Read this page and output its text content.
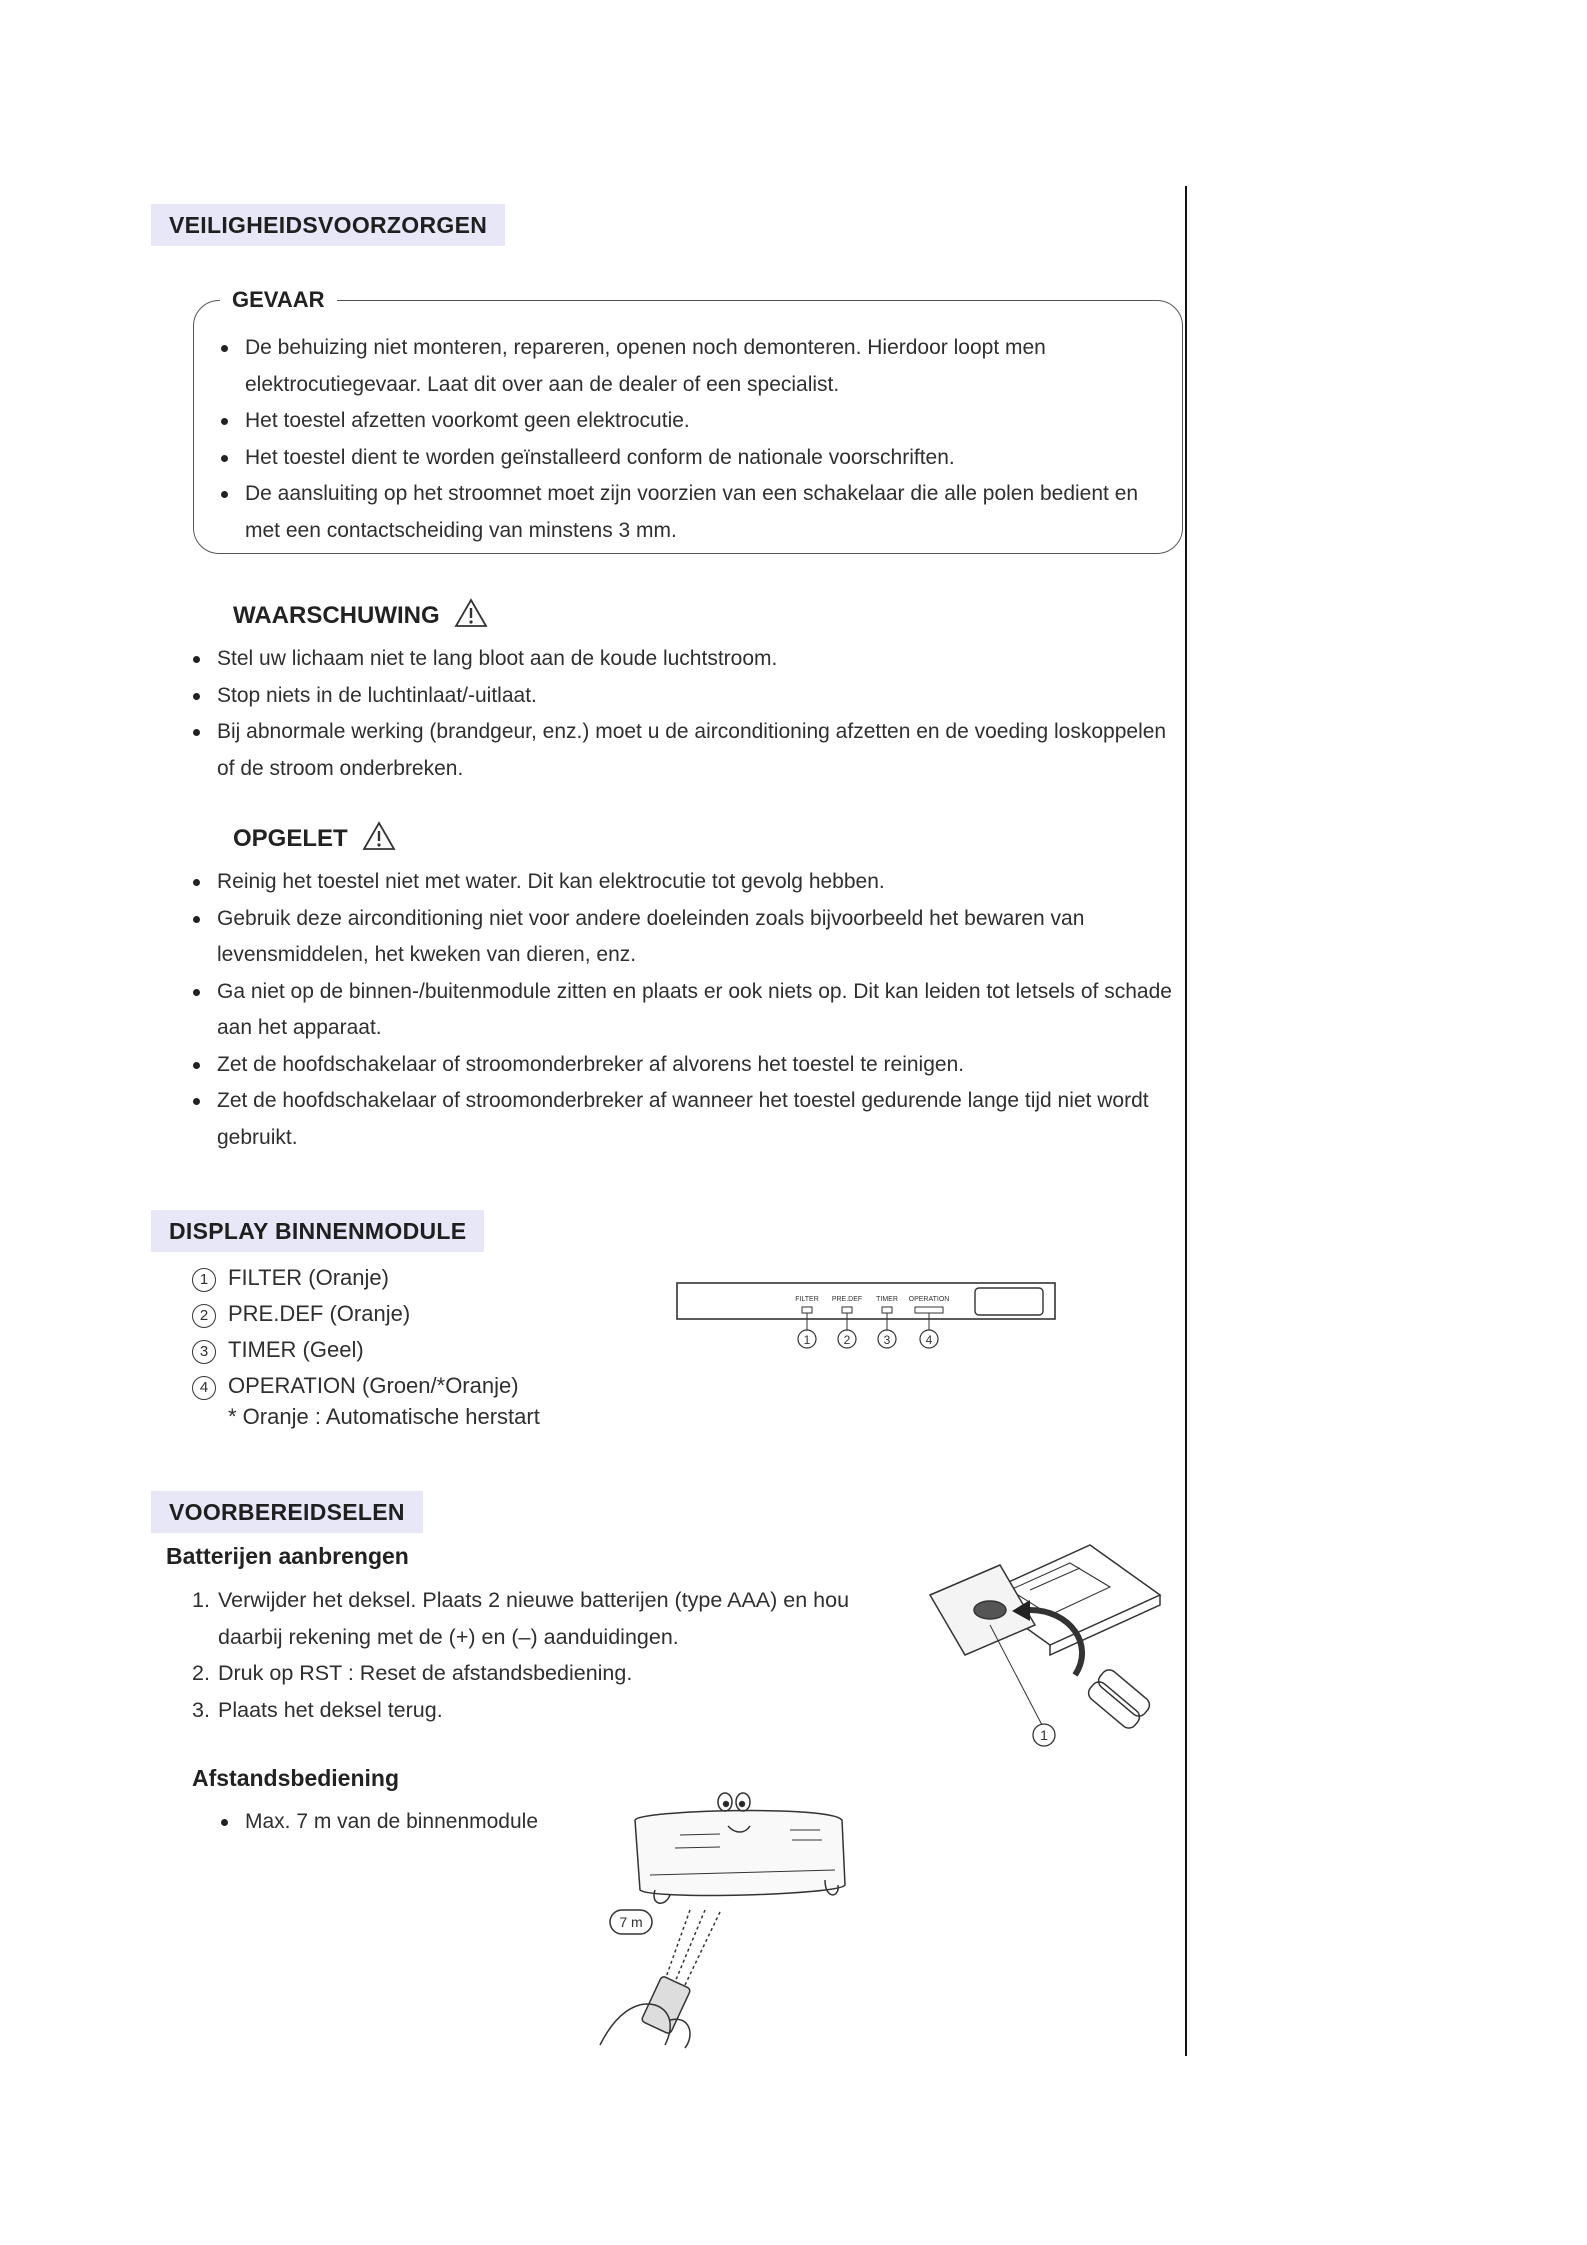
VEILIGHEIDSVOORZORGEN
GEVAAR
De behuizing niet monteren, repareren, openen noch demonteren. Hierdoor loopt men elektrocutiegevaar. Laat dit over aan de dealer of een specialist.
Het toestel afzetten voorkomt geen elektrocutie.
Het toestel dient te worden geïnstalleerd conform de nationale voorschriften.
De aansluiting op het stroomnet moet zijn voorzien van een schakelaar die alle polen bedient en met een contactscheiding van minstens 3 mm.
WAARSCHUWING
Stel uw lichaam niet te lang bloot aan de koude luchtstroom.
Stop niets in de luchtinlaat/-uitlaat.
Bij abnormale werking (brandgeur, enz.) moet u de airconditioning afzetten en de voeding loskoppelen of de stroom onderbreken.
OPGELET
Reinig het toestel niet met water. Dit kan elektrocutie tot gevolg hebben.
Gebruik deze airconditioning niet voor andere doeleinden zoals bijvoorbeeld het bewaren van levensmiddelen, het kweken van dieren, enz.
Ga niet op de binnen-/buitenmodule zitten en plaats er ook niets op. Dit kan leiden tot letsels of schade aan het apparaat.
Zet de hoofdschakelaar of stroomonderbreker af alvorens het toestel te reinigen.
Zet de hoofdschakelaar of stroomonderbreker af wanneer het toestel gedurende lange tijd niet wordt gebruikt.
DISPLAY BINNENMODULE
1 FILTER (Oranje)
2 PRE.DEF (Oranje)
3 TIMER (Geel)
4 OPERATION (Groen/*Oranje)
* Oranje : Automatische herstart
FILTER PRE.DEF TIMER OPERATION
1	2	3	4
VOORBEREIDSELEN
Batterijen aanbrengen
1. Verwijder het deksel. Plaats 2 nieuwe batterijen (type AAA) en hou daarbij rekening met de (+) en (–) aanduidingen.
2. Druk op RST : Reset de afstandsbediening.
3. Plaats het deksel terug.
1
Afstandsbediening
Max. 7 m van de binnenmodule
7 m
